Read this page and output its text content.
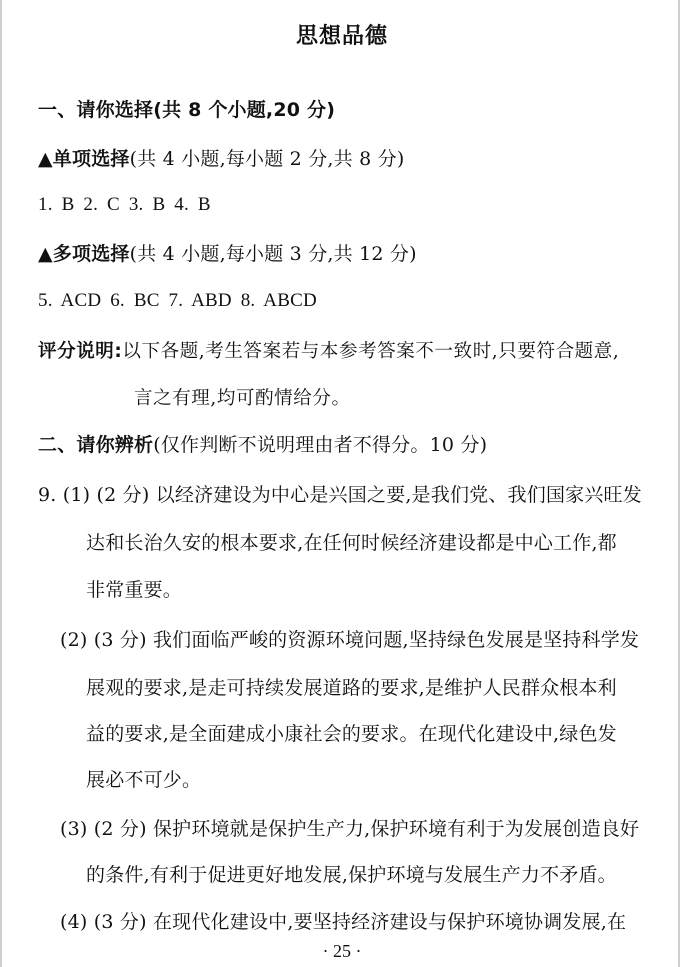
思想品德
一、请你选择(共 8 个小题,20 分)
▲单项选择(共 4 小题,每小题 2 分,共 8 分)
1. B 2. C 3. B 4. B
▲多项选择(共 4 小题,每小题 3 分,共 12 分)
5. ACD 6. BC 7. ABD 8. ABCD
评分说明:以下各题,考生答案若与本参考答案不一致时,只要符合题意,
言之有理,均可酌情给分。
二、请你辨析(仅作判断不说明理由者不得分。10 分)
9. (1) (2 分) 以经济建设为中心是兴国之要,是我们党、我们国家兴旺发
达和长治久安的根本要求,在任何时候经济建设都是中心工作,都
非常重要。
(2) (3 分) 我们面临严峻的资源环境问题,坚持绿色发展是坚持科学发
展观的要求,是走可持续发展道路的要求,是维护人民群众根本利
益的要求,是全面建成小康社会的要求。在现代化建设中,绿色发
展必不可少。
(3) (2 分) 保护环境就是保护生产力,保护环境有利于为发展创造良好
的条件,有利于促进更好地发展,保护环境与发展生产力不矛盾。
(4) (3 分) 在现代化建设中,要坚持经济建设与保护环境协调发展,在
· 25 ·
